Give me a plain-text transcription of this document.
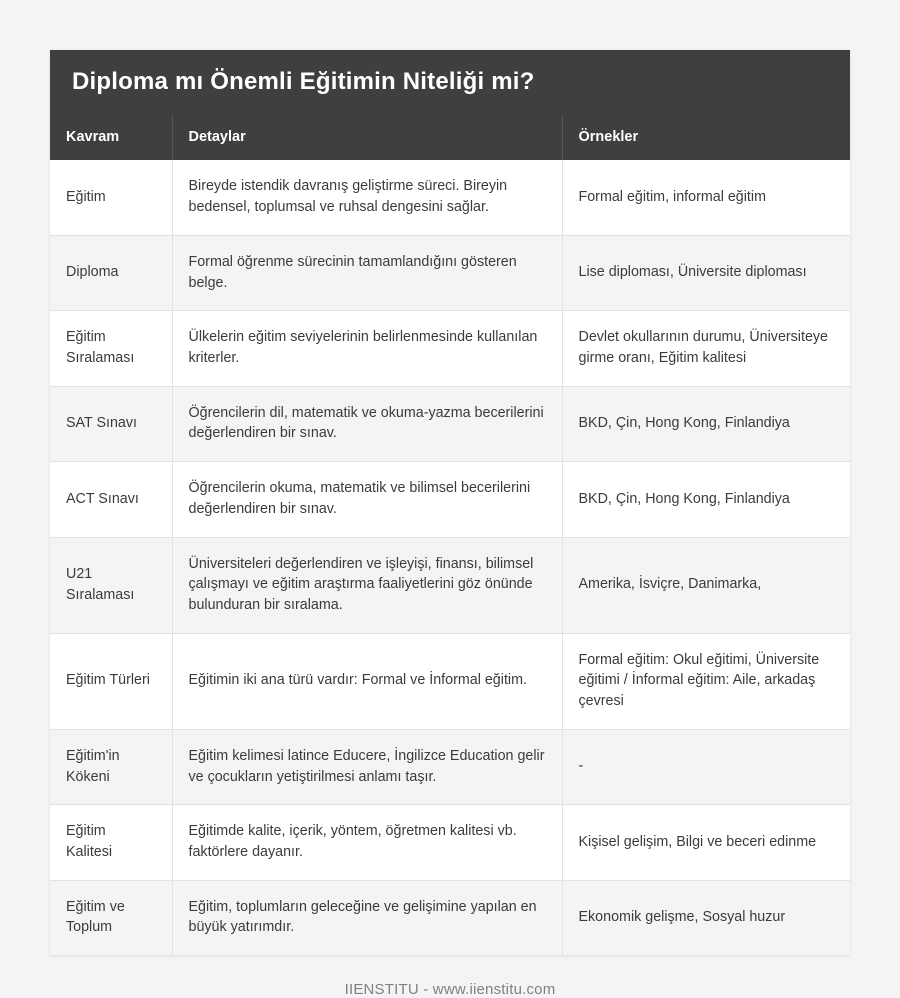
Diploma mı Önemli Eğitimin Niteliği mi?
Kavram	Detaylar	Örnekler
Eğitim	Bireyde istendik davranış geliştirme süreci. Bireyin bedensel, toplumsal ve ruhsal dengesini sağlar.	Formal eğitim, informal eğitim
Diploma	Formal öğrenme sürecinin tamamlandığını gösteren belge.	Lise diploması, Üniversite diploması
Eğitim Sıralaması	Ülkelerin eğitim seviyelerinin belirlenmesinde kullanılan kriterler.	Devlet okullarının durumu, Üniversiteye girme oranı, Eğitim kalitesi
SAT Sınavı	Öğrencilerin dil, matematik ve okuma-yazma becerilerini değerlendiren bir sınav.	BKD, Çin, Hong Kong, Finlandiya
ACT Sınavı	Öğrencilerin okuma, matematik ve bilimsel becerilerini değerlendiren bir sınav.	BKD, Çin, Hong Kong, Finlandiya
U21 Sıralaması	Üniversiteleri değerlendiren ve işleyişi, finansı, bilimsel çalışmayı ve eğitim araştırma faaliyetlerini göz önünde bulunduran bir sıralama.	Amerika, İsviçre, Danimarka,
Eğitim Türleri	Eğitimin iki ana türü vardır: Formal ve İnformal eğitim.	Formal eğitim: Okul eğitimi, Üniversite eğitimi / İnformal eğitim: Aile, arkadaş çevresi
Eğitim'in Kökeni	Eğitim kelimesi latince Educere, İngilizce Education gelir ve çocukların yetiştirilmesi anlamı taşır.	-
Eğitim Kalitesi	Eğitimde kalite, içerik, yöntem, öğretmen kalitesi vb. faktörlere dayanır.	Kişisel gelişim, Bilgi ve beceri edinme
Eğitim ve Toplum	Eğitim, toplumların geleceğine ve gelişimine yapılan en büyük yatırımdır.	Ekonomik gelişme, Sosyal huzur
IIENSTITU - www.iienstitu.com
